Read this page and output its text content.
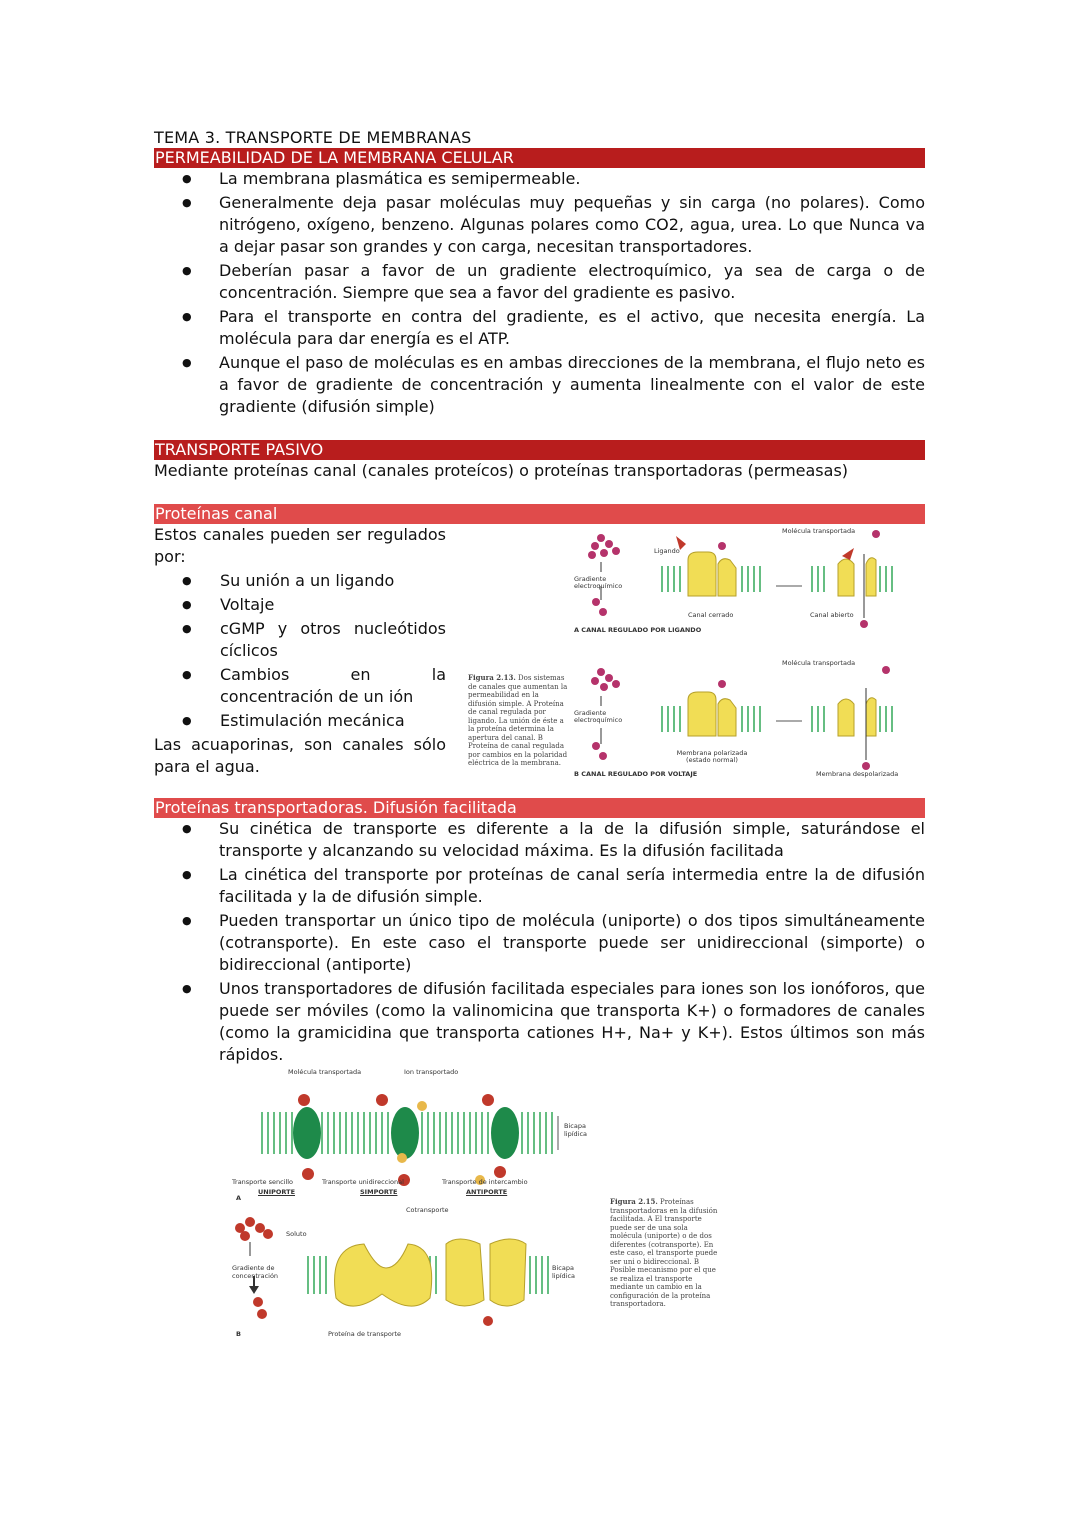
TEMA 3. TRANSPORTE DE MEMBRANAS

PERMEABILIDAD DE LA MEMBRANA CELULAR
● La membrana plasmática es semipermeable.
● Generalmente deja pasar moléculas muy pequeñas y sin carga (no polares). Como nitrógeno, oxígeno, benzeno. Algunas polares como CO2, agua, urea. Lo que Nunca va a dejar pasar son grandes y con carga, necesitan transportadores.
● Deberían pasar a favor de un gradiente electroquímico, ya sea de carga o de concentración. Siempre que sea a favor del gradiente es pasivo.
● Para el transporte en contra del gradiente, es el activo, que necesita energía. La molécula para dar energía es el ATP.
● Aunque el paso de moléculas es en ambas direcciones de la membrana, el flujo neto es a favor de gradiente de concentración y aumenta linealmente con el valor de este gradiente (difusión simple)
TRANSPORTE PASIVO

Mediante proteínas canal (canales proteícos) o proteínas transportadoras (permeasas)

Proteínas canal

Estos canales pueden ser regulados por:

● Su unión a un ligando
● Voltaje
● cGMP y otros nucleótidos cíclicos
● Cambios en la concentración de un ión
● Estimulación mecánica

Las acuaporinas, son canales sólo para el agua.

Figura 2.13. Dos sistemas de canales que aumentan la permeabilidad en la difusión simple. A Proteína de canal regulada por ligando. La unión de éste a la proteína determina la apertura del canal. B Proteína de canal regulada por cambios en la polaridad eléctrica de la membrana.
Gradiente electroquímico
Ligando
Molécula transportada
Canal cerrado	Canal abierto
A CANAL REGULADO POR LIGANDO
Gradiente electroquímico
Molécula transportada
Membrana polarizada (estado normal)
Membrana despolarizada
B CANAL REGULADO POR VOLTAJE
Proteínas transportadoras. Difusión facilitada
● Su cinética de transporte es diferente a la de la difusión simple, saturándose el transporte y alcanzando su velocidad máxima. Es la difusión facilitada
● La cinética del transporte por proteínas de canal sería intermedia entre la de difusión facilitada y la de difusión simple.
● Pueden transportar un único tipo de molécula (uniporte) o dos tipos simultáneamente (cotransporte). En este caso el transporte puede ser unidireccional (simporte) o bidireccional (antiporte)
● Unos transportadores de difusión facilitada especiales para iones son los ionóforos, que puede ser móviles (como la valinomicina que transporta K+) o formadores de canales (como la gramicidina que transporta cationes H+, Na+ y K+). Estos últimos son más rápidos.
Molécula transportada	Ion transportado
Bicapa lipídica
Transporte sencillo
UNIPORTE
Transporte unidireccional
SIMPORTE
Transporte de intercambio
ANTIPORTE
Cotransporte
A
Soluto
Gradiente de concentración
Bicapa lipídica
Proteína de transporte
B
Figura 2.15. Proteínas transportadoras en la difusión facilitada. A El transporte puede ser de una sola molécula (uniporte) o de dos diferentes (cotransporte). En este caso, el transporte puede ser uni o bidireccional. B Posible mecanismo por el que se realiza el transporte mediante un cambio en la configuración de la proteína transportadora.
